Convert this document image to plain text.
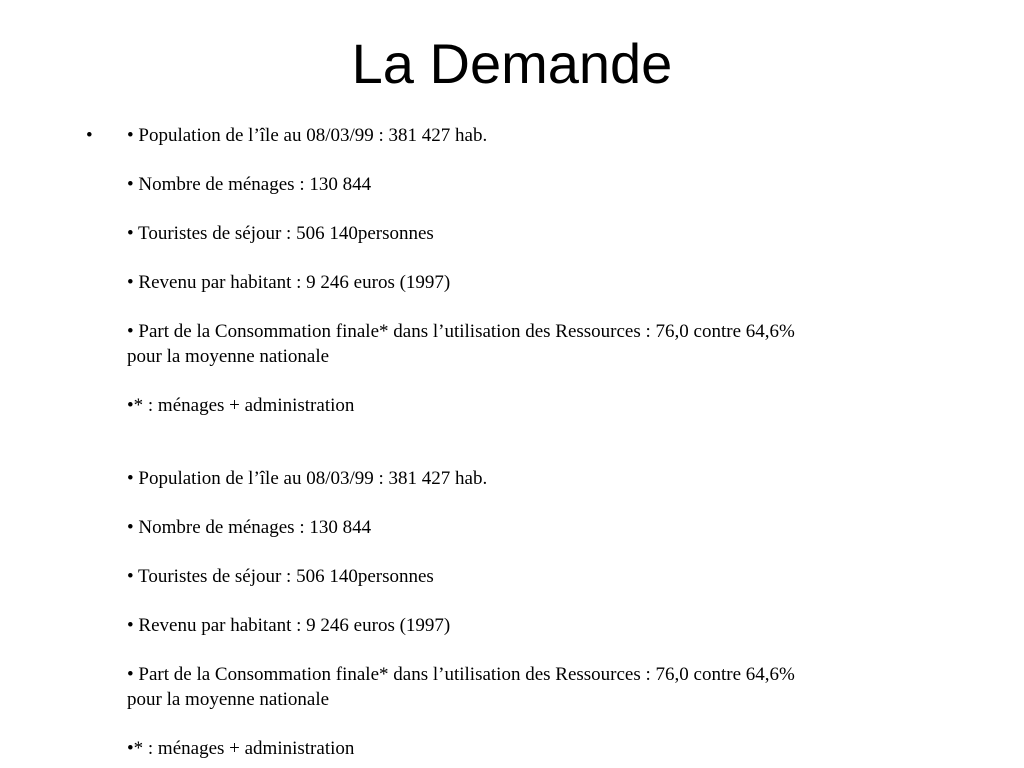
La Demande
• • Population de l’île au 08/03/99 : 381 427 hab.

• Nombre de ménages : 130 844

• Touristes de séjour : 506 140personnes

• Revenu par habitant : 9 246 euros (1997)

• Part de la Consommation finale* dans l’utilisation des Ressources : 76,0 contre 64,6%

pour la moyenne nationale

•* : ménages + administration

• Population de l’île au 08/03/99 : 381 427 hab.

• Nombre de ménages : 130 844

• Touristes de séjour : 506 140personnes

• Revenu par habitant : 9 246 euros (1997)

• Part de la Consommation finale* dans l’utilisation des Ressources : 76,0 contre 64,6%

pour la moyenne nationale

•* : ménages + administration
